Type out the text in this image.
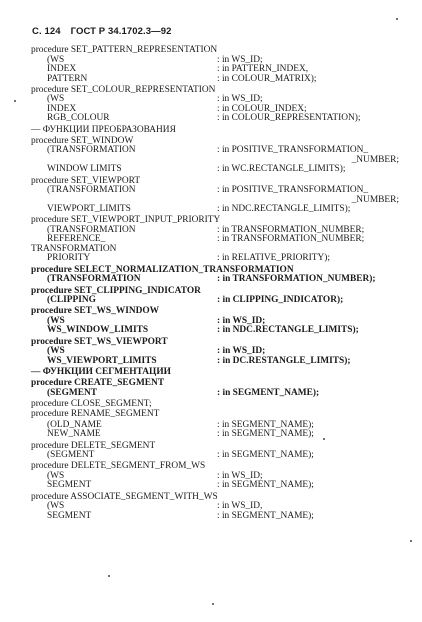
С. 124 ГОСТ Р 34.1702.3—92
procedure SET_PATTERN_REPRESENTATION
(WS	: in WS_ID;
INDEX	: in PATTERN_INDEX,
PATTERN	: in COLOUR_MATRIX);
procedure SET_COLOUR_REPRESENTATION
(WS	: in WS_ID;
INDEX	: in COLOUR_INDEX;
RGB_COLOUR	: in COLOUR_REPRESENTATION);
— ФУНКЦИИ ПРЕОБРАЗОВАНИЯ
procedure SET_WINDOW
(TRANSFORMATION	: in POSITIVE_TRANSFORMATION_
_NUMBER;
WINDOW LIMITS	: in WC.RECTANGLE_LIMITS);
procedure SET_VIEWPORT
(TRANSFORMATION	: in POSITIVE_TRANSFORMATION_
_NUMBER;
VIEWPORT_LIMITS	: in NDC.RECTANGLE_LIMITS);
procedure SET_VIEWPORT_INPUT_PRIORITY
(TRANSFORMATION	: in TRANSFORMATION_NUMBER;
REFERENCE_	: in TRANSFORMATION_NUMBER;
TRANSFORMATION
PRIORITY	: in RELATIVE_PRIORITY);
procedure SELECT_NORMALIZATION_TRANSFORMATION
(TRANSFORMATION	: in TRANSFORMATION_NUMBER);
procedure SET_CLIPPING_INDICATOR
(CLIPPING	: in CLIPPING_INDICATOR);
procedure SET_WS_WINDOW
(WS	: in WS_ID;
WS_WINDOW_LIMITS	: in NDC.RECTANGLE_LIMITS);
procedure SET_WS_VIEWPORT
(WS	: in WS_ID;
WS_VIEWPORT_LIMITS	: in DC.RESTANGLE_LIMITS);
— ФУНКЦИИ СЕГМЕНТАЦИИ
procedure CREATE_SEGMENT
(SEGMENT	: in SEGMENT_NAME);
procedure CLOSE_SEGMENT;
procedure RENAME_SEGMENT
(OLD_NAME	: in SEGMENT_NAME);
NEW_NAME	: in SEGMENT_NAME);
procedure DELETE_SEGMENT
(SEGMENT	: in SEGMENT_NAME);
procedure DELETE_SEGMENT_FROM_WS
(WS	: in WS_ID;
SEGMENT	: in SEGMENT_NAME);
procedure ASSOCIATE_SEGMENT_WITH_WS
(WS	: in WS_ID,
SEGMENT	: in SEGMENT_NAME);
